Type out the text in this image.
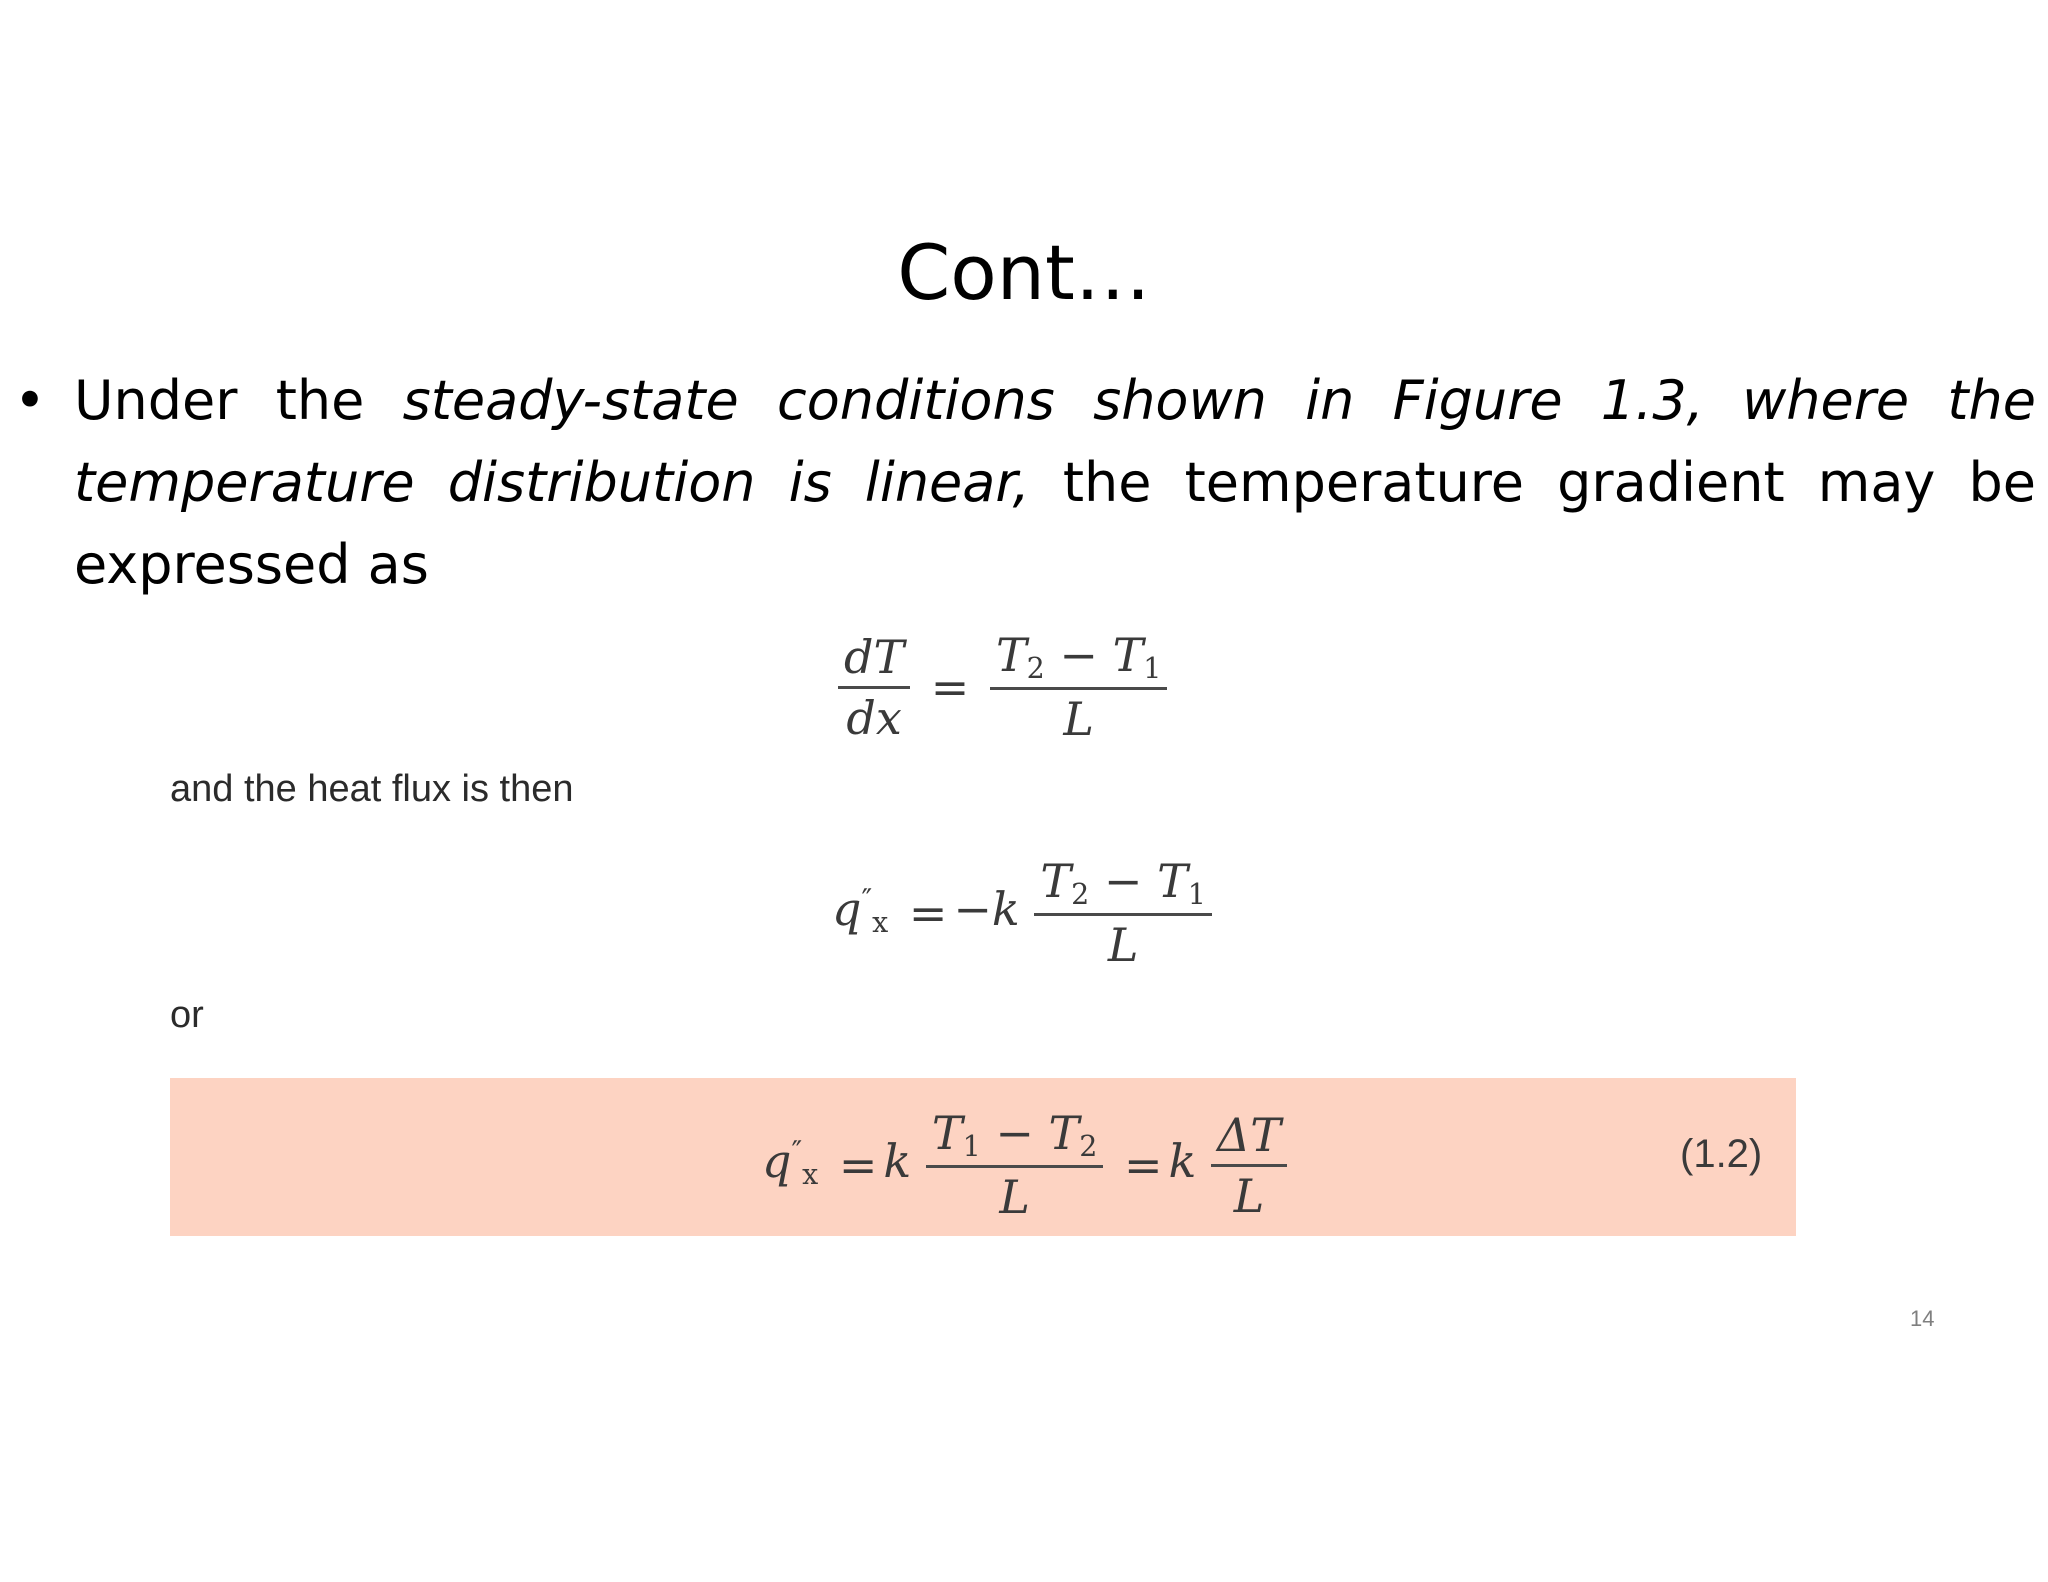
Cont…
• Under the steady-state conditions shown in Figure 1.3, where the temperature distribution is linear, the temperature gradient may be expressed as
$\frac{dT}{dx} = \frac{T_2 - T_1}{L}$
and the heat flux is then
$q''_x = -k \frac{T_2 - T_1}{L}$
or
$q''_x = k \frac{T_1 - T_2}{L} = k \frac{\Delta T}{L}$	(1.2)
14
